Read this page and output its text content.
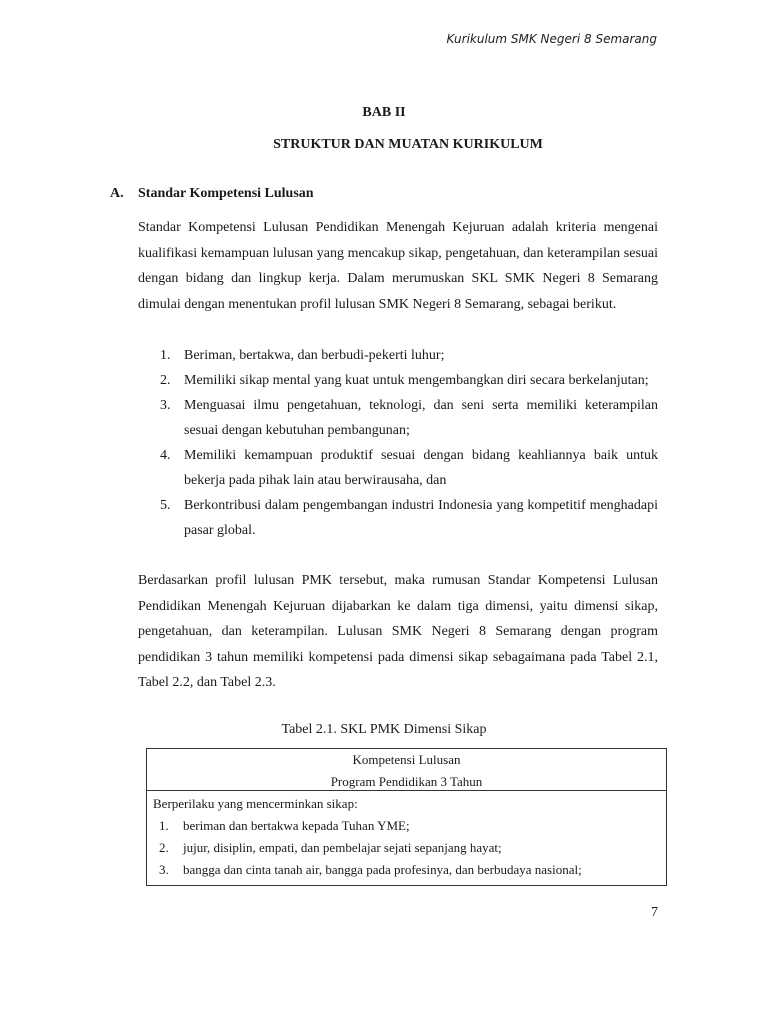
Kurikulum SMK Negeri 8 Semarang
BAB II
STRUKTUR DAN MUATAN KURIKULUM
A. Standar Kompetensi Lulusan

Standar Kompetensi Lulusan Pendidikan Menengah Kejuruan adalah kriteria mengenai kualifikasi kemampuan lulusan yang mencakup sikap, pengetahuan, dan keterampilan sesuai dengan bidang dan lingkup kerja. Dalam merumuskan SKL SMK Negeri 8 Semarang dimulai dengan menentukan profil lulusan SMK Negeri 8 Semarang, sebagai berikut.

1. Beriman, bertakwa, dan berbudi-pekerti luhur;
2. Memiliki sikap mental yang kuat untuk mengembangkan diri secara berkelanjutan;
3. Menguasai ilmu pengetahuan, teknologi, dan seni serta memiliki keterampilan sesuai dengan kebutuhan pembangunan;
4. Memiliki kemampuan produktif sesuai dengan bidang keahliannya baik untuk bekerja pada pihak lain atau berwirausaha, dan
5. Berkontribusi dalam pengembangan industri Indonesia yang kompetitif menghadapi pasar global.

Berdasarkan profil lulusan PMK tersebut, maka rumusan Standar Kompetensi Lulusan Pendidikan Menengah Kejuruan dijabarkan ke dalam tiga dimensi, yaitu dimensi sikap, pengetahuan, dan keterampilan. Lulusan SMK Negeri 8 Semarang dengan program pendidikan 3 tahun memiliki kompetensi pada dimensi sikap sebagaimana pada Tabel 2.1, Tabel 2.2, dan Tabel 2.3.

Tabel 2.1. SKL PMK Dimensi Sikap
Kompetensi Lulusan
Program Pendidikan 3 Tahun
Berperilaku yang mencerminkan sikap:
1. beriman dan bertakwa kepada Tuhan YME;
2. jujur, disiplin, empati, dan pembelajar sejati sepanjang hayat;
3. bangga dan cinta tanah air, bangga pada profesinya, dan berbudaya nasional;
7
